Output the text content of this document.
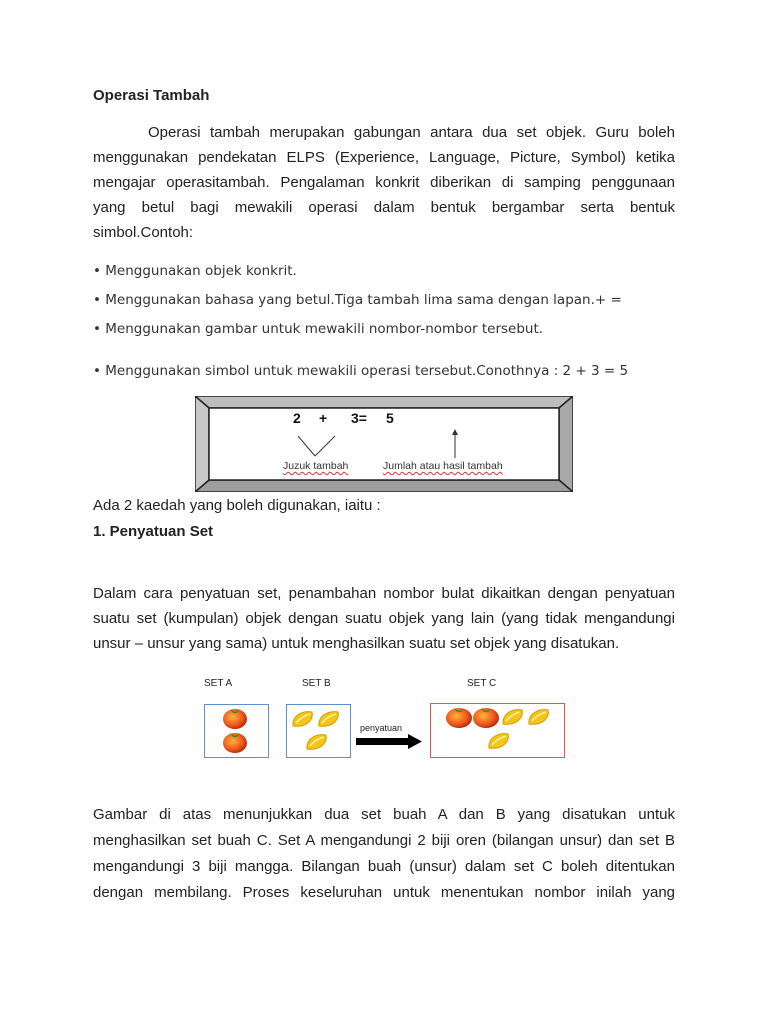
Operasi Tambah
Operasi tambah merupakan gabungan antara dua set objek. Guru boleh
menggunakan pendekatan ELPS (Experience, Language, Picture, Symbol) ketika
mengajar operasitambah. Pengalaman konkrit diberikan di samping penggunaan
yang betul bagi mewakili operasi dalam bentuk bergambar serta bentuk
simbol.Contoh:
• Menggunakan objek konkrit.
• Menggunakan bahasa yang betul.Tiga tambah lima sama dengan lapan.+ =
• Menggunakan gambar untuk mewakili nombor-nombor tersebut.
• Menggunakan simbol untuk mewakili operasi tersebut.Conothnya : 2 + 3 = 5
2 + 3= 5
Juzuk tambah	Jumlah atau hasil tambah
Ada 2 kaedah yang boleh digunakan, iaitu :
1. Penyatuan Set
Dalam cara penyatuan set, penambahan nombor bulat dikaitkan dengan penyatuan
suatu set (kumpulan) objek dengan suatu objek yang lain (yang tidak mengandungi
unsur – unsur yang sama) untuk menghasilkan suatu set objek yang disatukan.
SET A	SET B	SET C
penyatuan
Gambar di atas menunjukkan dua set buah A dan B yang disatukan untuk
menghasilkan set buah C. Set A mengandungi 2 biji oren (bilangan unsur) dan set B
mengandungi 3 biji mangga. Bilangan buah (unsur) dalam set C boleh ditentukan
dengan membilang. Proses keseluruhan untuk menentukan nombor inilah yang
